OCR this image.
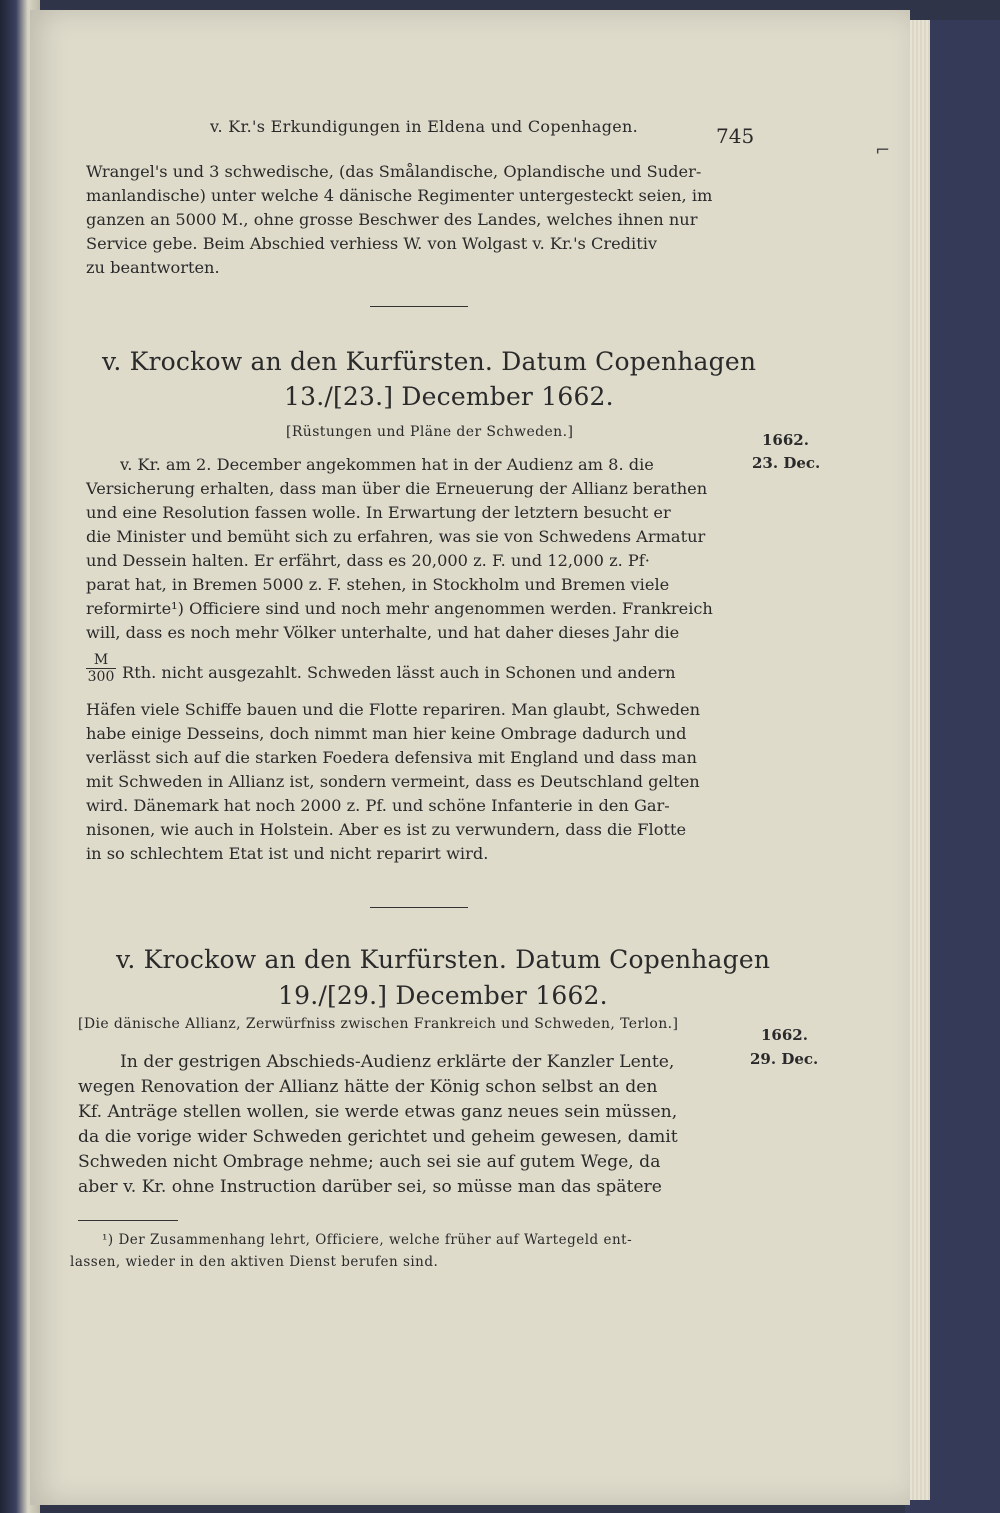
⌐
v. Kr.'s Erkundigungen in Eldena und Copenhagen.	745
Wrangel's und 3 schwedische, (das Smålandische, Oplandische und Suder-
manlandische) unter welche 4 dänische Regimenter untergesteckt seien, im
ganzen an 5000 M., ohne grosse Beschwer des Landes, welches ihnen nur
Service gebe. Beim Abschied verhiess W. von Wolgast v. Kr.'s Creditiv
zu beantworten.
v. Krockow an den Kurfürsten. Datum Copenhagen
13./[23.] December 1662.
[Rüstungen und Pläne der Schweden.]	1662.
23. Dec.
v. Kr. am 2. December angekommen hat in der Audienz am 8. die
Versicherung erhalten, dass man über die Erneuerung der Allianz berathen
und eine Resolution fassen wolle. In Erwartung der letztern besucht er
die Minister und bemüht sich zu erfahren, was sie von Schwedens Armatur
und Dessein halten. Er erfährt, dass es 20,000 z. F. und 12,000 z. Pf·
parat hat, in Bremen 5000 z. F. stehen, in Stockholm und Bremen viele
reformirte¹) Officiere sind und noch mehr angenommen werden. Frankreich
will, dass es noch mehr Völker unterhalte, und hat daher dieses Jahr die
$\frac{M}{300}$ Rth. nicht ausgezahlt. Schweden lässt auch in Schonen und andern
Häfen viele Schiffe bauen und die Flotte repariren. Man glaubt, Schweden
habe einige Desseins, doch nimmt man hier keine Ombrage dadurch und
verlässt sich auf die starken Foedera defensiva mit England und dass man
mit Schweden in Allianz ist, sondern vermeint, dass es Deutschland gelten
wird. Dänemark hat noch 2000 z. Pf. und schöne Infanterie in den Gar-
nisonen, wie auch in Holstein. Aber es ist zu verwundern, dass die Flotte
in so schlechtem Etat ist und nicht reparirt wird.
v. Krockow an den Kurfürsten. Datum Copenhagen
19./[29.] December 1662.
[Die dänische Allianz, Zerwürfniss zwischen Frankreich und Schweden, Terlon.]
1662.
29. Dec.
In der gestrigen Abschieds-Audienz erklärte der Kanzler Lente,
wegen Renovation der Allianz hätte der König schon selbst an den
Kf. Anträge stellen wollen, sie werde etwas ganz neues sein müssen,
da die vorige wider Schweden gerichtet und geheim gewesen, damit
Schweden nicht Ombrage nehme; auch sei sie auf gutem Wege, da
aber v. Kr. ohne Instruction darüber sei, so müsse man das spätere
¹) Der Zusammenhang lehrt, Officiere, welche früher auf Wartegeld ent-
lassen, wieder in den aktiven Dienst berufen sind.
